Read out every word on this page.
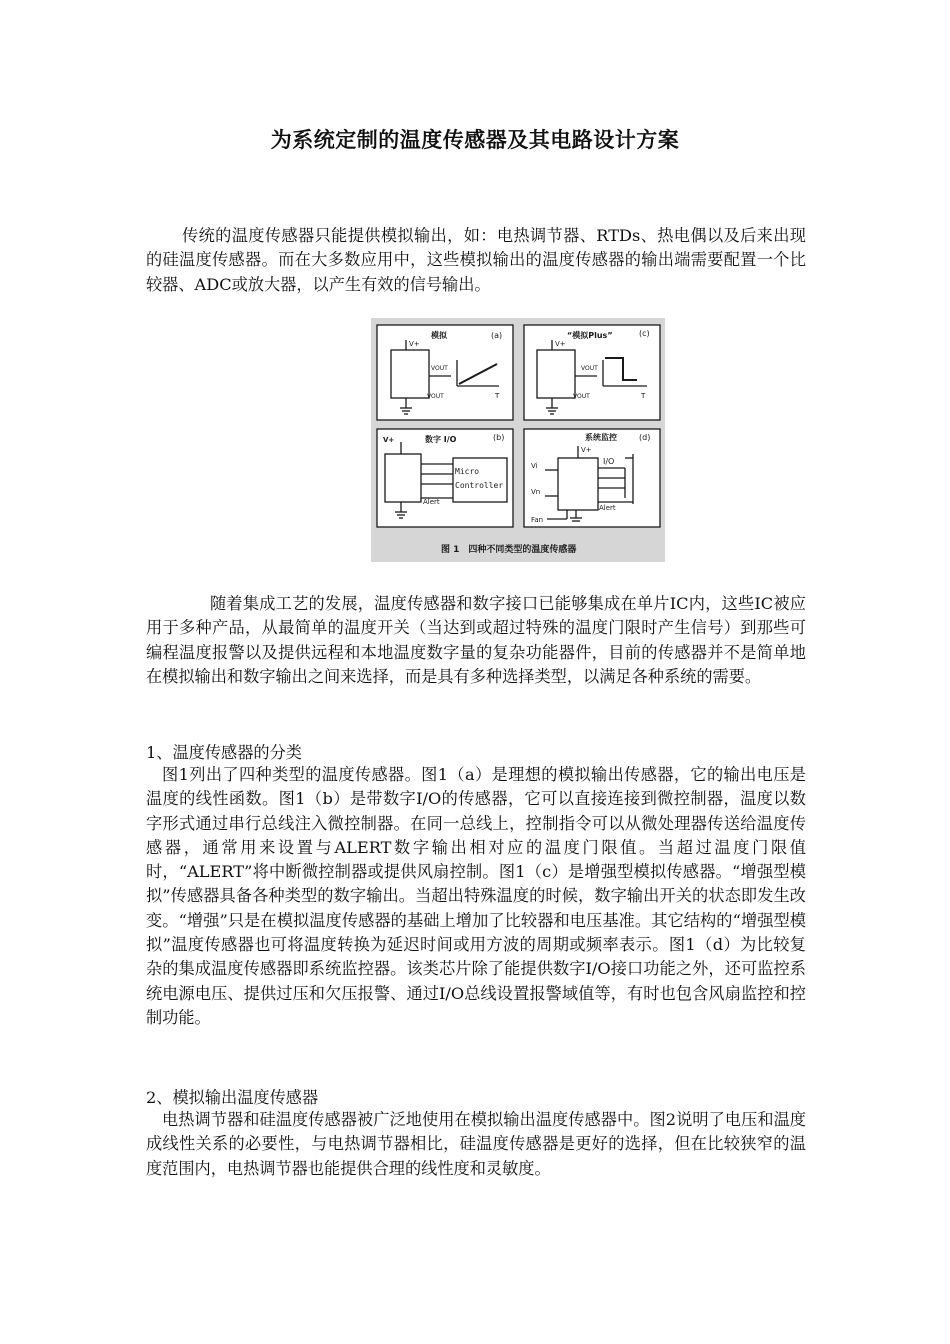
为系统定制的温度传感器及其电路设计方案

传统的温度传感器只能提供模拟输出，如：电热调节器、RTDs、热电偶以及后来出现的硅温度传感器。而在大多数应用中，这些模拟输出的温度传感器的输出端需要配置一个比较器、ADC或放大器，以产生有效的信号输出。

模拟	(a)
V+
VOUT
VOUT	T
“模拟Plus”	(c)
V+
VOUT
VOUT	T
V+	数字 I/O	(b)
Micro
Controller
Alert
系统监控	(d)
V+
I/O
Vi
Vn
Fan
Alert
图 1　四种不同类型的温度传感器

随着集成工艺的发展，温度传感器和数字接口已能够集成在单片IC内，这些IC被应用于多种产品，从最简单的温度开关（当达到或超过特殊的温度门限时产生信号）到那些可编程温度报警以及提供远程和本地温度数字量的复杂功能器件，目前的传感器并不是简单地在模拟输出和数字输出之间来选择，而是具有多种选择类型，以满足各种系统的需要。

1、温度传感器的分类

图1列出了四种类型的温度传感器。图1（a）是理想的模拟输出传感器，它的输出电压是温度的线性函数。图1（b）是带数字I/O的传感器，它可以直接连接到微控制器，温度以数字形式通过串行总线注入微控制器。在同一总线上，控制指令可以从微处理器传送给温度传感器，通常用来设置与ALERT数字输出相对应的温度门限值。当超过温度门限值时，“ALERT”将中断微控制器或提供风扇控制。图1（c）是增强型模拟传感器。“增强型模拟”传感器具备各种类型的数字输出。当超出特殊温度的时候，数字输出开关的状态即发生改变。“增强”只是在模拟温度传感器的基础上增加了比较器和电压基准。其它结构的“增强型模拟”温度传感器也可将温度转换为延迟时间或用方波的周期或频率表示。图1（d）为比较复杂的集成温度传感器即系统监控器。该类芯片除了能提供数字I/O接口功能之外，还可监控系统电源电压、提供过压和欠压报警、通过I/O总线设置报警域值等，有时也包含风扇监控和控制功能。

2、模拟输出温度传感器

电热调节器和硅温度传感器被广泛地使用在模拟输出温度传感器中。图2说明了电压和温度成线性关系的必要性，与电热调节器相比，硅温度传感器是更好的选择，但在比较狭窄的温度范围内，电热调节器也能提供合理的线性度和灵敏度。
